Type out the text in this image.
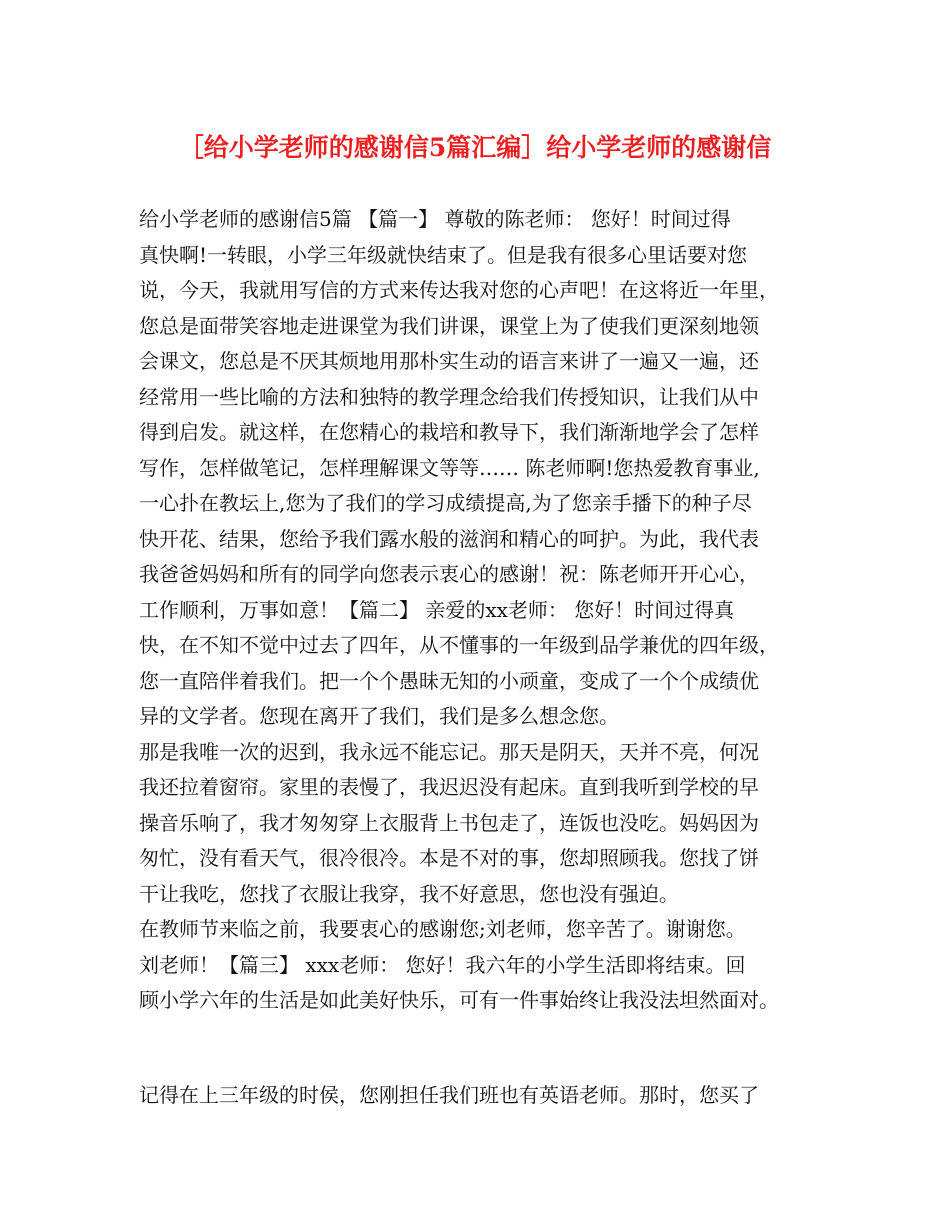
［给小学老师的感谢信5篇汇编］给小学老师的感谢信
给小学老师的感谢信5篇 【篇一】 尊敬的陈老师： 您好！时间过得
真快啊!一转眼，小学三年级就快结束了。但是我有很多心里话要对您
说，今天，我就用写信的方式来传达我对您的心声吧！在这将近一年里，
您总是面带笑容地走进课堂为我们讲课，课堂上为了使我们更深刻地领
会课文，您总是不厌其烦地用那朴实生动的语言来讲了一遍又一遍，还
经常用一些比喻的方法和独特的教学理念给我们传授知识，让我们从中
得到启发。就这样，在您精心的栽培和教导下，我们渐渐地学会了怎样
写作，怎样做笔记，怎样理解课文等等…… 陈老师啊!您热爱教育事业,
一心扑在教坛上,您为了我们的学习成绩提高,为了您亲手播下的种子尽
快开花、结果，您给予我们露水般的滋润和精心的呵护。为此，我代表
我爸爸妈妈和所有的同学向您表示衷心的感谢！祝：陈老师开开心心，
工作顺利，万事如意！【篇二】 亲爱的xx老师： 您好！时间过得真
快，在不知不觉中过去了四年，从不懂事的一年级到品学兼优的四年级，
您一直陪伴着我们。把一个个愚昧无知的小顽童，变成了一个个成绩优
异的文学者。您现在离开了我们，我们是多么想念您。
那是我唯一次的迟到，我永远不能忘记。那天是阴天，天并不亮，何况
我还拉着窗帘。家里的表慢了，我迟迟没有起床。直到我听到学校的早
操音乐响了，我才匆匆穿上衣服背上书包走了，连饭也没吃。妈妈因为
匆忙，没有看天气，很冷很冷。本是不对的事，您却照顾我。您找了饼
干让我吃，您找了衣服让我穿，我不好意思，您也没有强迫。
在教师节来临之前，我要衷心的感谢您;刘老师，您辛苦了。谢谢您。
刘老师！【篇三】 xxx老师： 您好！我六年的小学生活即将结束。回
顾小学六年的生活是如此美好快乐，可有一件事始终让我没法坦然面对。
记得在上三年级的时侯，您刚担任我们班也有英语老师。那时，您买了
